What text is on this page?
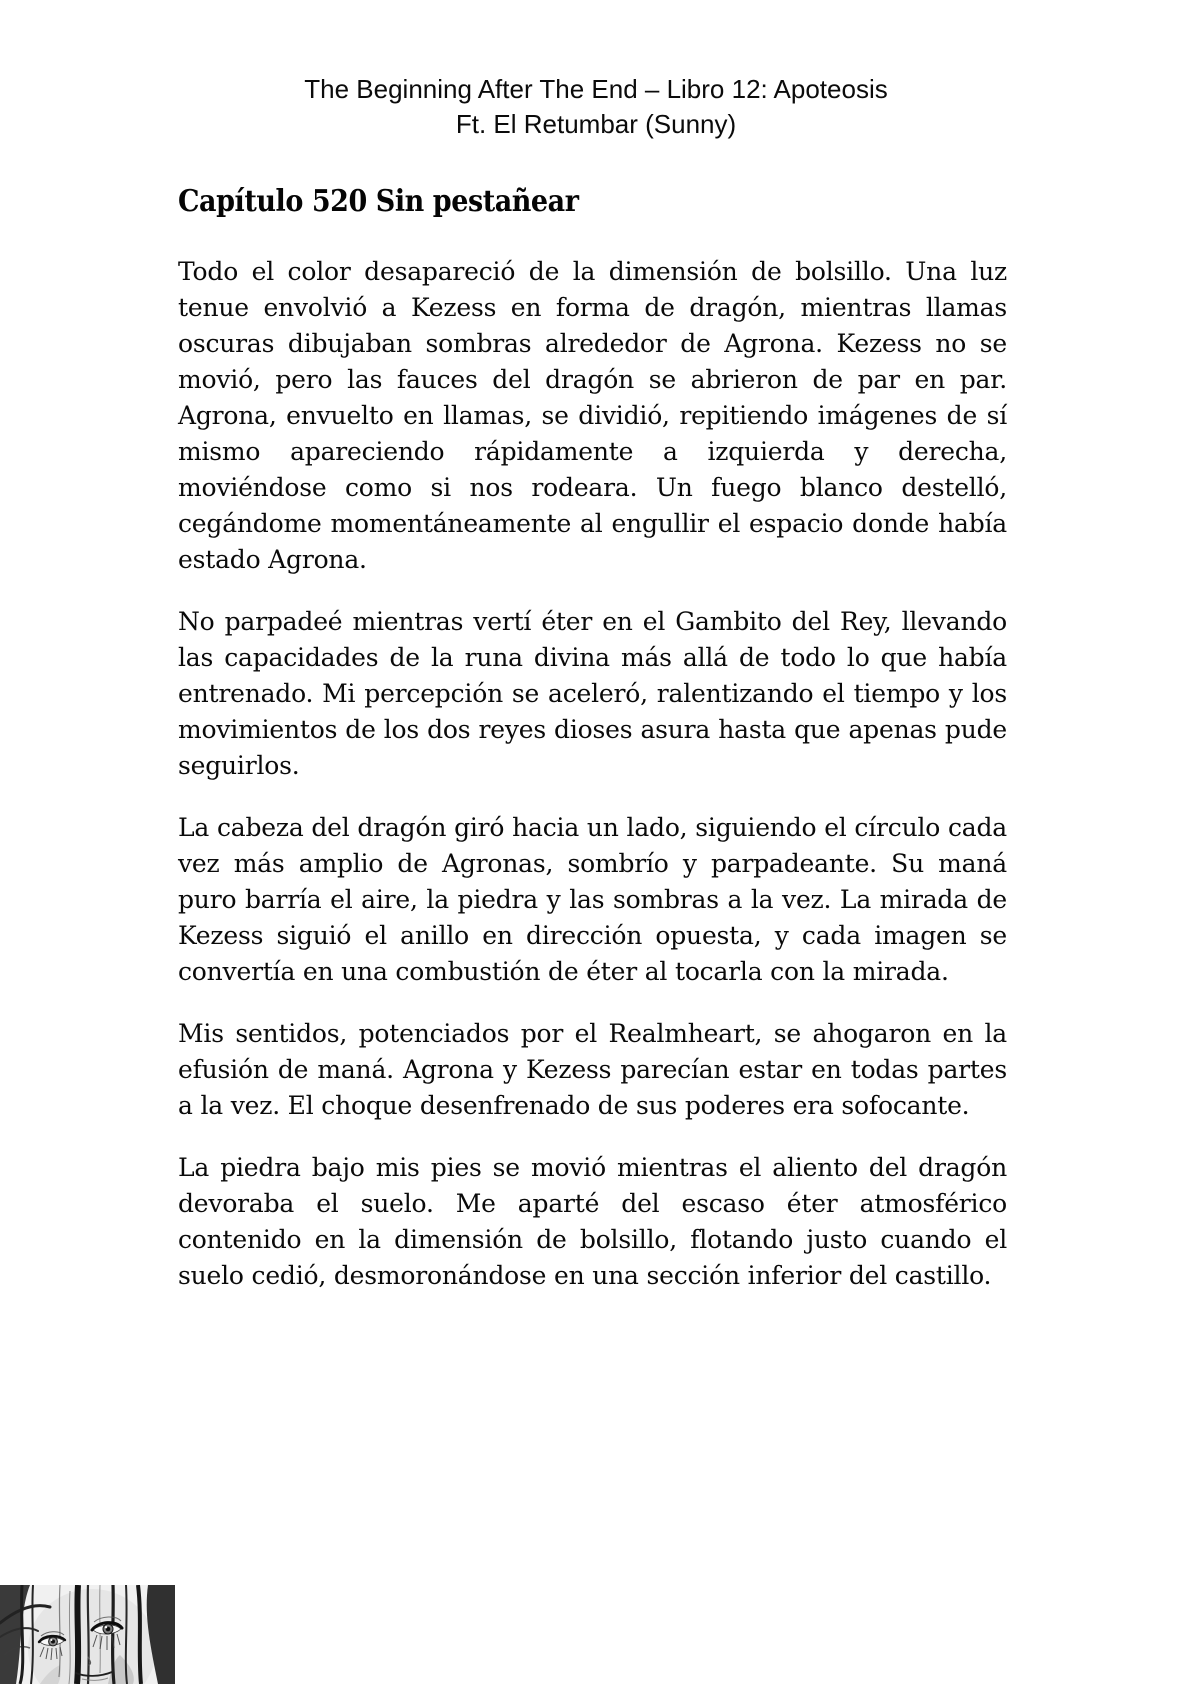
The Beginning After The End – Libro 12: Apoteosis
Ft. El Retumbar (Sunny)
Capítulo 520 Sin pestañear

Todo el color desapareció de la dimensión de bolsillo. Una luz tenue envolvió a Kezess en forma de dragón, mientras llamas oscuras dibujaban sombras alrededor de Agrona. Kezess no se movió, pero las fauces del dragón se abrieron de par en par. Agrona, envuelto en llamas, se dividió, repitiendo imágenes de sí mismo apareciendo rápidamente a izquierda y derecha, moviéndose como si nos rodeara. Un fuego blanco destelló, cegándome momentáneamente al engullir el espacio donde había estado Agrona.

No parpadeé mientras vertí éter en el Gambito del Rey, llevando las capacidades de la runa divina más allá de todo lo que había entrenado. Mi percepción se aceleró, ralentizando el tiempo y los movimientos de los dos reyes dioses asura hasta que apenas pude seguirlos.

La cabeza del dragón giró hacia un lado, siguiendo el círculo cada vez más amplio de Agronas, sombrío y parpadeante. Su maná puro barría el aire, la piedra y las sombras a la vez. La mirada de Kezess siguió el anillo en dirección opuesta, y cada imagen se convertía en una combustión de éter al tocarla con la mirada.

Mis sentidos, potenciados por el Realmheart, se ahogaron en la efusión de maná. Agrona y Kezess parecían estar en todas partes a la vez. El choque desenfrenado de sus poderes era sofocante.

La piedra bajo mis pies se movió mientras el aliento del dragón devoraba el suelo. Me aparté del escaso éter atmosférico contenido en la dimensión de bolsillo, flotando justo cuando el suelo cedió, desmoronándose en una sección inferior del castillo.
